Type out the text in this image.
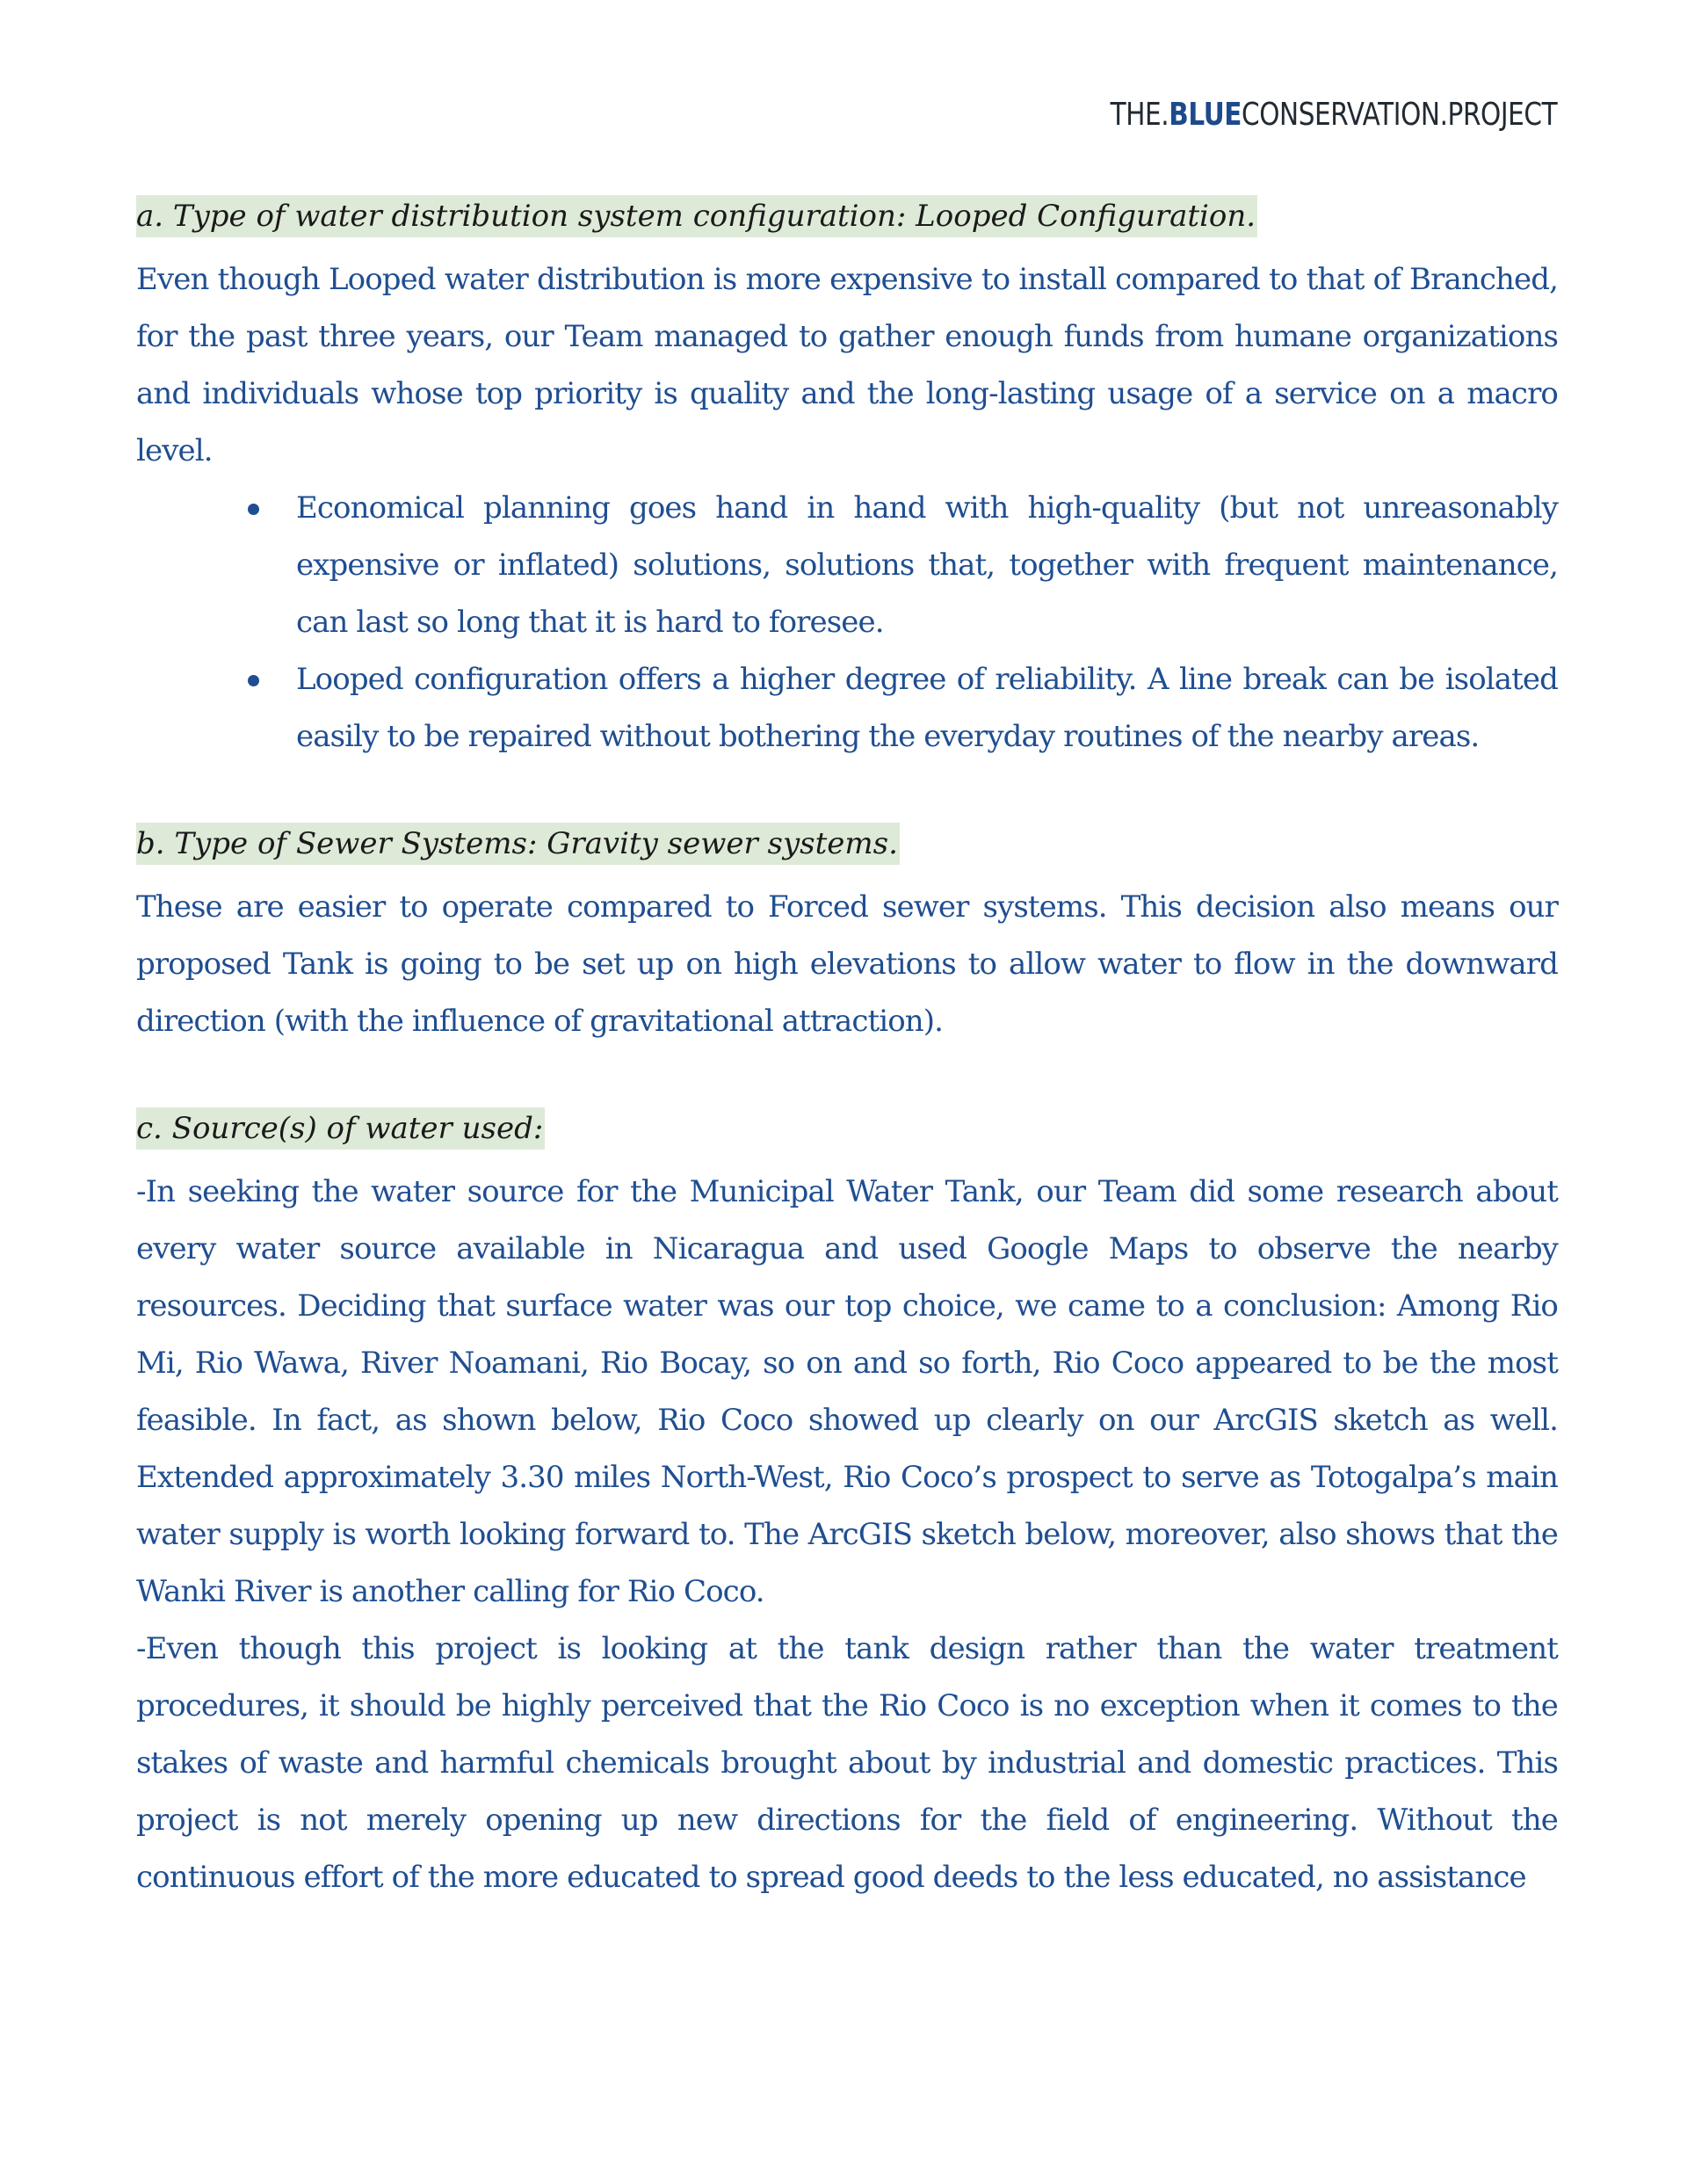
THE.BLUECONSERVATION.PROJECT
a. Type of water distribution system configuration: Looped Configuration.

Even though Looped water distribution is more expensive to install compared to that of Branched, for the past three years, our Team managed to gather enough funds from humane organizations and individuals whose top priority is quality and the long-lasting usage of a service on a macro level.

Economical planning goes hand in hand with high-quality (but not unreasonably expensive or inflated) solutions, solutions that, together with frequent maintenance, can last so long that it is hard to foresee.
Looped configuration offers a higher degree of reliability. A line break can be isolated easily to be repaired without bothering the everyday routines of the nearby areas.
b. Type of Sewer Systems: Gravity sewer systems.

These are easier to operate compared to Forced sewer systems. This decision also means our proposed Tank is going to be set up on high elevations to allow water to flow in the downward direction (with the influence of gravitational attraction).

c. Source(s) of water used:

-In seeking the water source for the Municipal Water Tank, our Team did some research about every water source available in Nicaragua and used Google Maps to observe the nearby resources. Deciding that surface water was our top choice, we came to a conclusion: Among Rio Mi, Rio Wawa, River Noamani, Rio Bocay, so on and so forth, Rio Coco appeared to be the most feasible. In fact, as shown below, Rio Coco showed up clearly on our ArcGIS sketch as well. Extended approximately 3.30 miles North-West, Rio Coco’s prospect to serve as Totogalpa’s main water supply is worth looking forward to. The ArcGIS sketch below, moreover, also shows that the Wanki River is another calling for Rio Coco.

-Even though this project is looking at the tank design rather than the water treatment procedures, it should be highly perceived that the Rio Coco is no exception when it comes to the stakes of waste and harmful chemicals brought about by industrial and domestic practices. This project is not merely opening up new directions for the field of engineering. Without the continuous effort of the more educated to spread good deeds to the less educated, no assistance
